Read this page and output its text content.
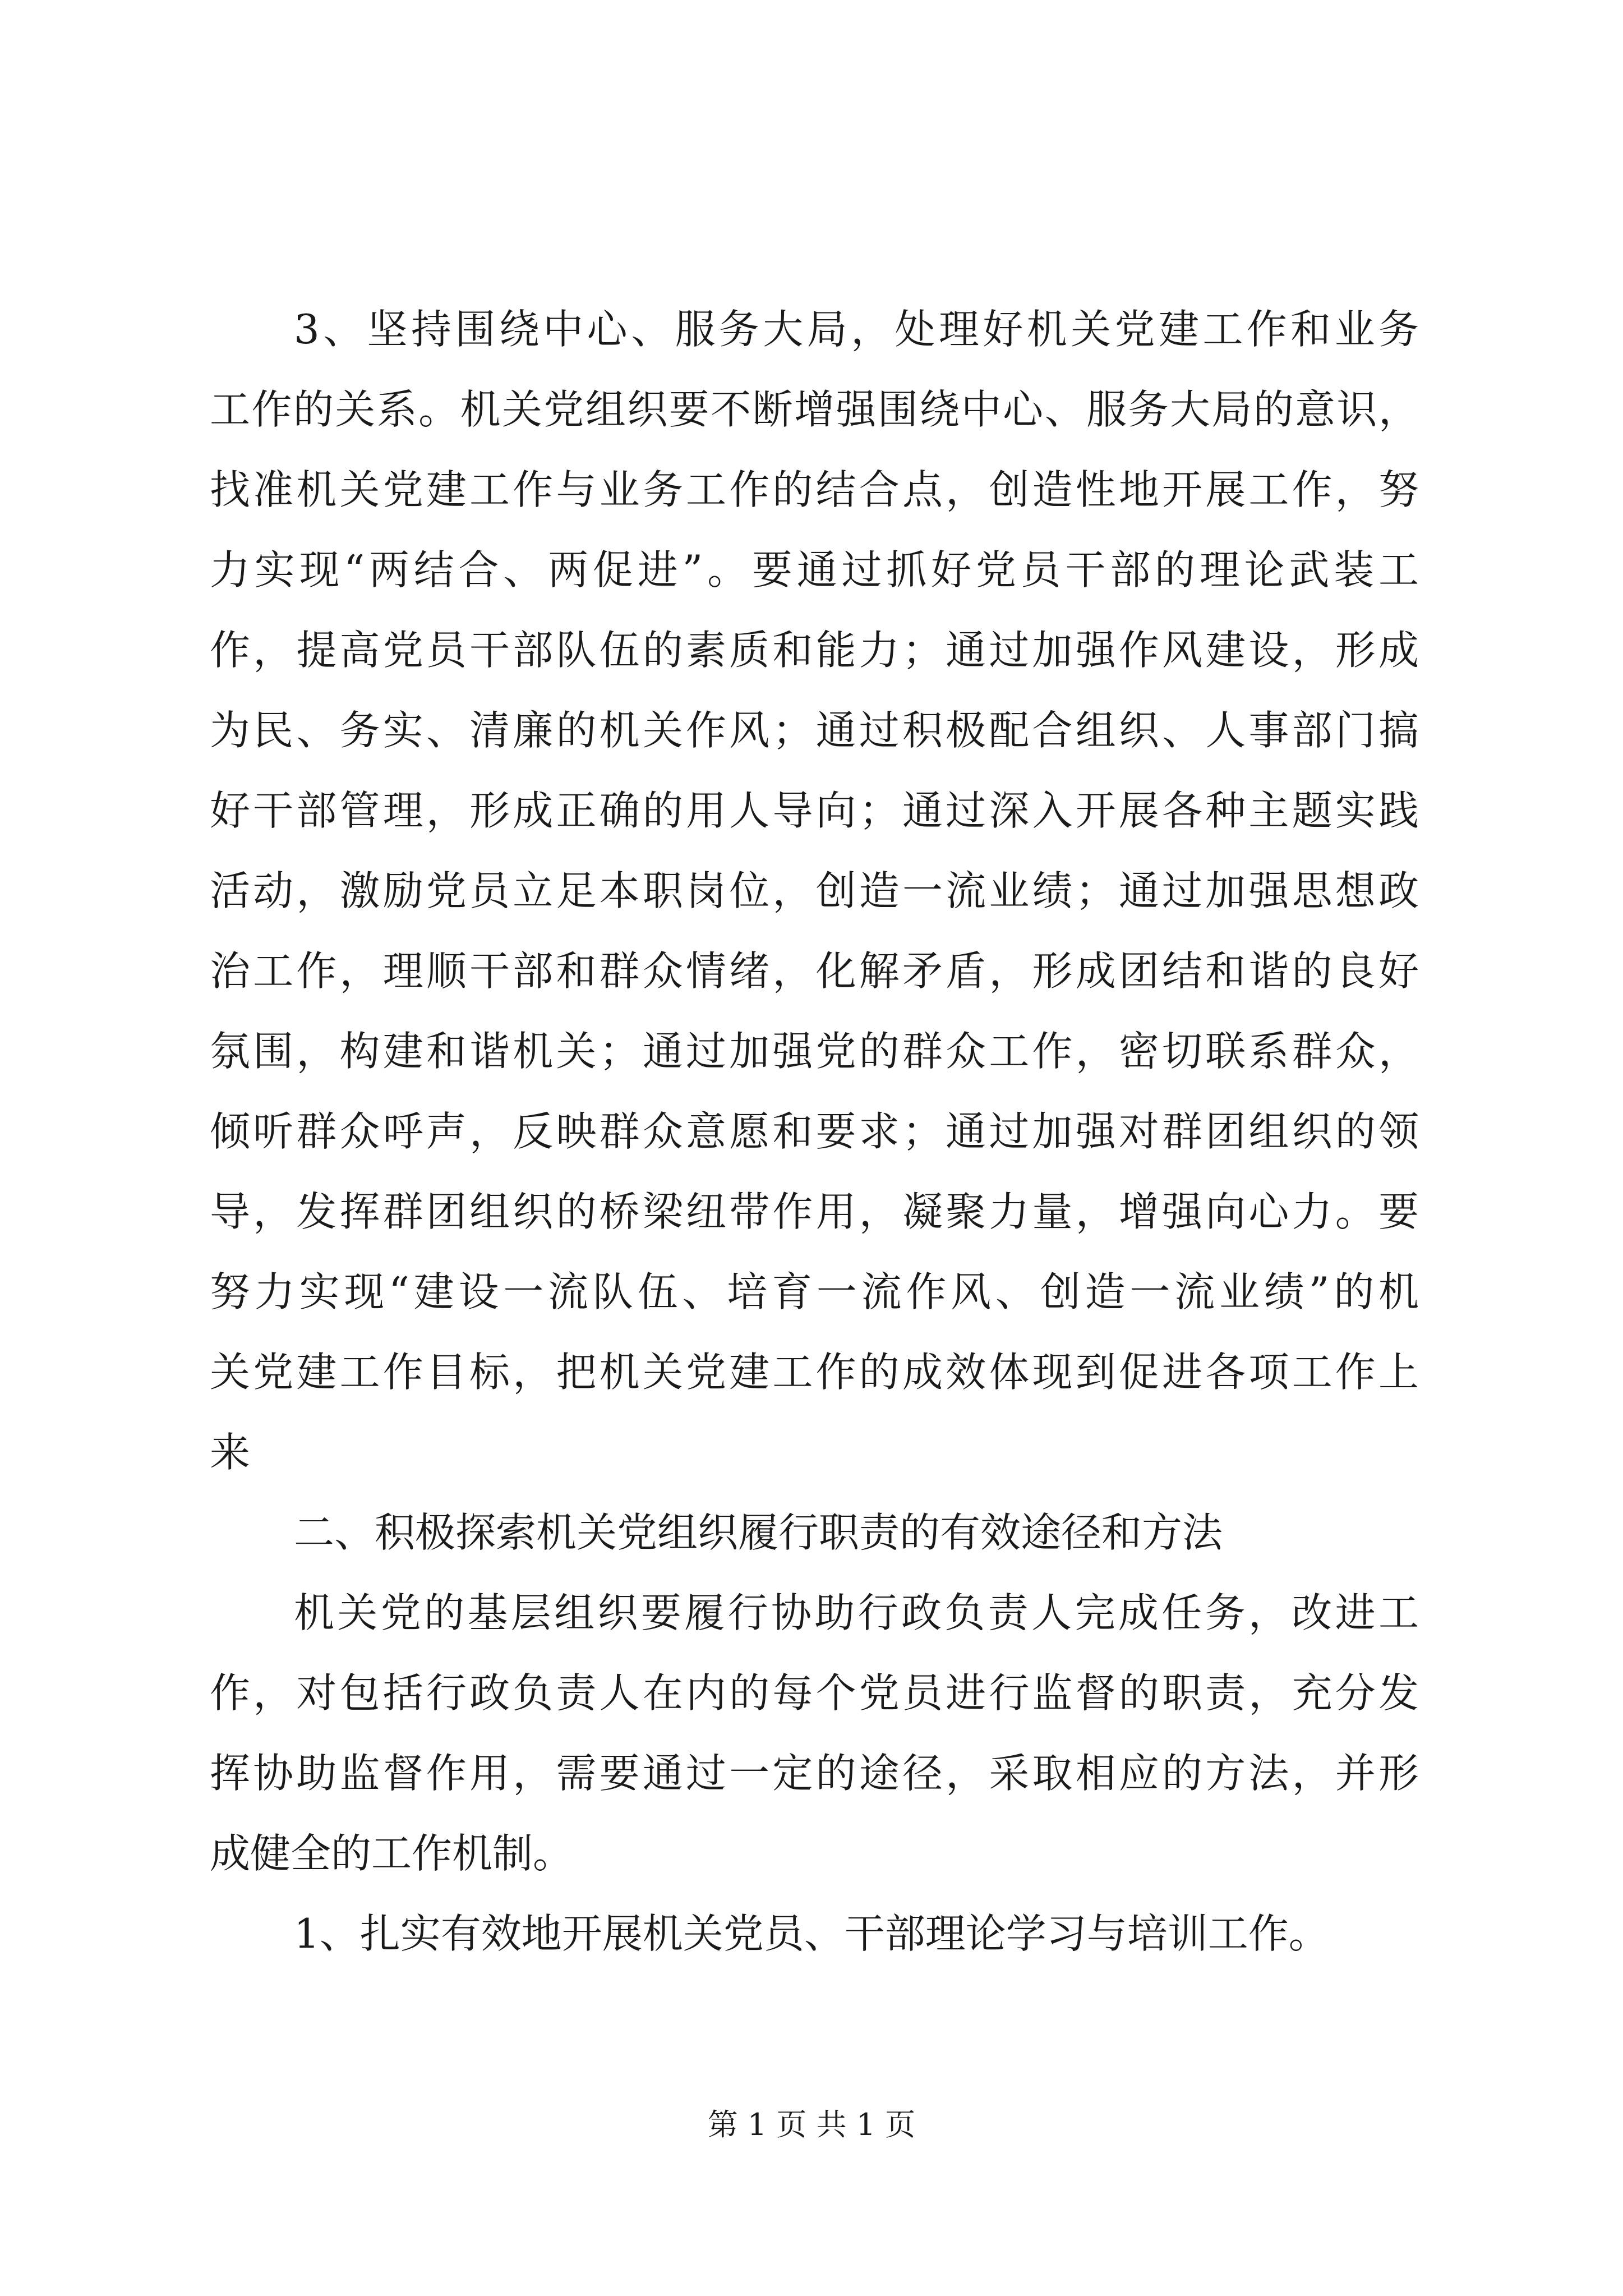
3、坚持围绕中心、服务大局，处理好机关党建工作和业务
工作的关系。机关党组织要不断增强围绕中心、服务大局的意识，
找准机关党建工作与业务工作的结合点，创造性地开展工作，努
力实现“两结合、两促进”。要通过抓好党员干部的理论武装工
作，提高党员干部队伍的素质和能力；通过加强作风建设，形成
为民、务实、清廉的机关作风；通过积极配合组织、人事部门搞
好干部管理，形成正确的用人导向；通过深入开展各种主题实践
活动，激励党员立足本职岗位，创造一流业绩；通过加强思想政
治工作，理顺干部和群众情绪，化解矛盾，形成团结和谐的良好
氛围，构建和谐机关；通过加强党的群众工作，密切联系群众，
倾听群众呼声，反映群众意愿和要求；通过加强对群团组织的领
导，发挥群团组织的桥梁纽带作用，凝聚力量，增强向心力。要
努力实现“建设一流队伍、培育一流作风、创造一流业绩”的机
关党建工作目标，把机关党建工作的成效体现到促进各项工作上
来
二、积极探索机关党组织履行职责的有效途径和方法
机关党的基层组织要履行协助行政负责人完成任务，改进工
作，对包括行政负责人在内的每个党员进行监督的职责，充分发
挥协助监督作用，需要通过一定的途径，采取相应的方法，并形
成健全的工作机制。
1、扎实有效地开展机关党员、干部理论学习与培训工作。
第 1 页 共 1 页
